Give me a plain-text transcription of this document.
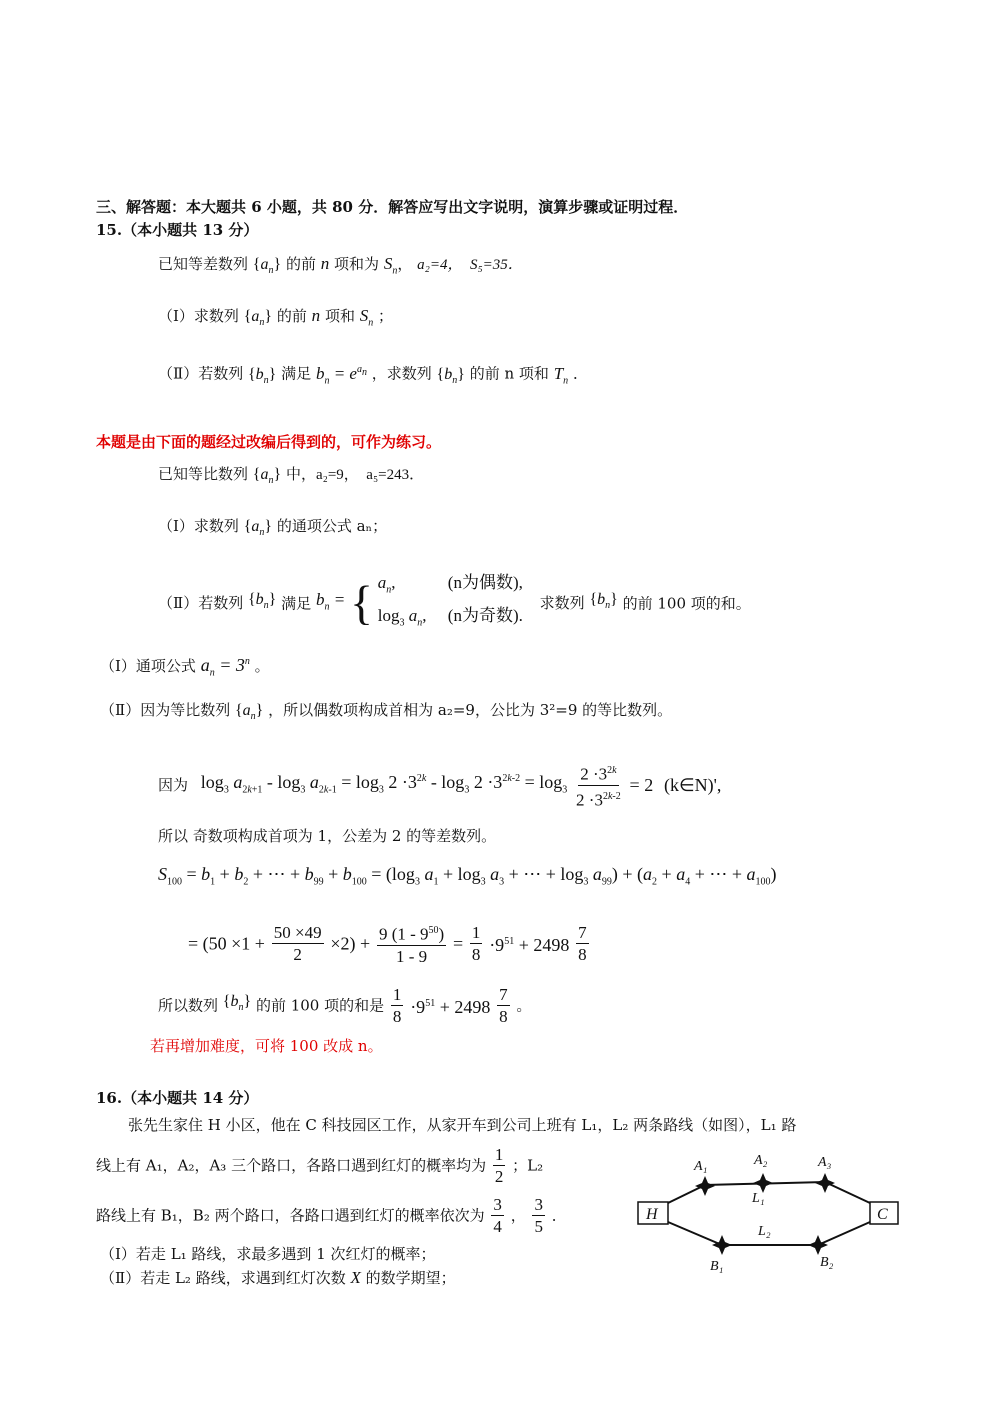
三、解答题：本大题共 6 小题，共 80 分．解答应写出文字说明，演算步骤或证明过程．
15.（本小题共 13 分）
已知等差数列 $\{a_n\}$ 的前 n 项和为 $S_n$， a₂=4，　S₅=35．
（Ⅰ）求数列 $\{a_n\}$ 的前 n 项和 $S_n$ ；
（Ⅱ）若数列 $\{b_n\}$ 满足 $b_n = e^{a_n}$ ，求数列 $\{b_n\}$ 的前 n 项和 $T_n$ ．
本题是由下面的题经过改编后得到的，可作为练习。
已知等比数列 $\{a_n\}$ 中，a₂=9，　a₅=243．
（Ⅰ）求数列 $\{a_n\}$ 的通项公式 aₙ；
（Ⅱ）若数列 $\{b_n\}$ 满足 $b_n$ = { $a_n$,	(n为偶数),
$\log_3 a_n$, (n为奇数). 求数列 $\{b_n\}$ 的前 100 项的和。
（Ⅰ）通项公式 $a_n = 3^n$ 。
（Ⅱ）因为等比数列 $\{a_n\}$ ，所以偶数项构成首相为 a₂=9，公比为 3²=9 的等比数列。
因为 $\log_3 a_{2k+1} - \log_3 a_{2k-1} = \log_3 2 \cdot 3^{2k} - \log_3 2 \cdot 3^{2k-2} = \log_3 \frac{2 \cdot 3^{2k}}{2 \cdot 3^{2k-2}} = 2$ (k∈N)',
所以 奇数项构成首项为 1，公差为 2 的等差数列。
$S_{100} = b_1 + b_2$ + ⋯ + $b_{99} + b_{100} = (\log_3$ $a_1 + \log_3 a_3$ + ⋯ + $\log_3 a_{99}) + (a_2 + a_4$ + ⋯ + $a_{100}$)
= $(50 \times 1 + \frac{50 \times 49}{2} \times 2) + \frac{9 (1 - 9^{50})}{1 - 9} = \frac{1}{8} \cdot 9^{51} + 2498 \frac{7}{8}$
所以数列 $\{b_n\}$ 的前 100 项的和是 $\frac{1}{8} \cdot 9^{51} + 2498 \frac{7}{8}$ 。
若再增加难度，可将 100 改成 n。
16.（本小题共 14 分）
张先生家住 H 小区，他在 C 科技园区工作，从家开车到公司上班有 L₁，L₂ 两条路线（如图），L₁ 路
线上有 A₁，A₂，A₃ 三个路口，各路口遇到红灯的概率均为 $\frac{1}{2}$ ；L₂
路线上有 B₁，B₂ 两个路口，各路口遇到红灯的概率依次为 $\frac{3}{4}$ ， $\frac{3}{5}$ ．
（Ⅰ）若走 L₁ 路线，求最多遇到 1 次红灯的概率；
（Ⅱ）若走 L₂ 路线，求遇到红灯次数 X 的数学期望；
H	C
A₁	A₂	A₃
L₁
L₂
B₁	B₂
